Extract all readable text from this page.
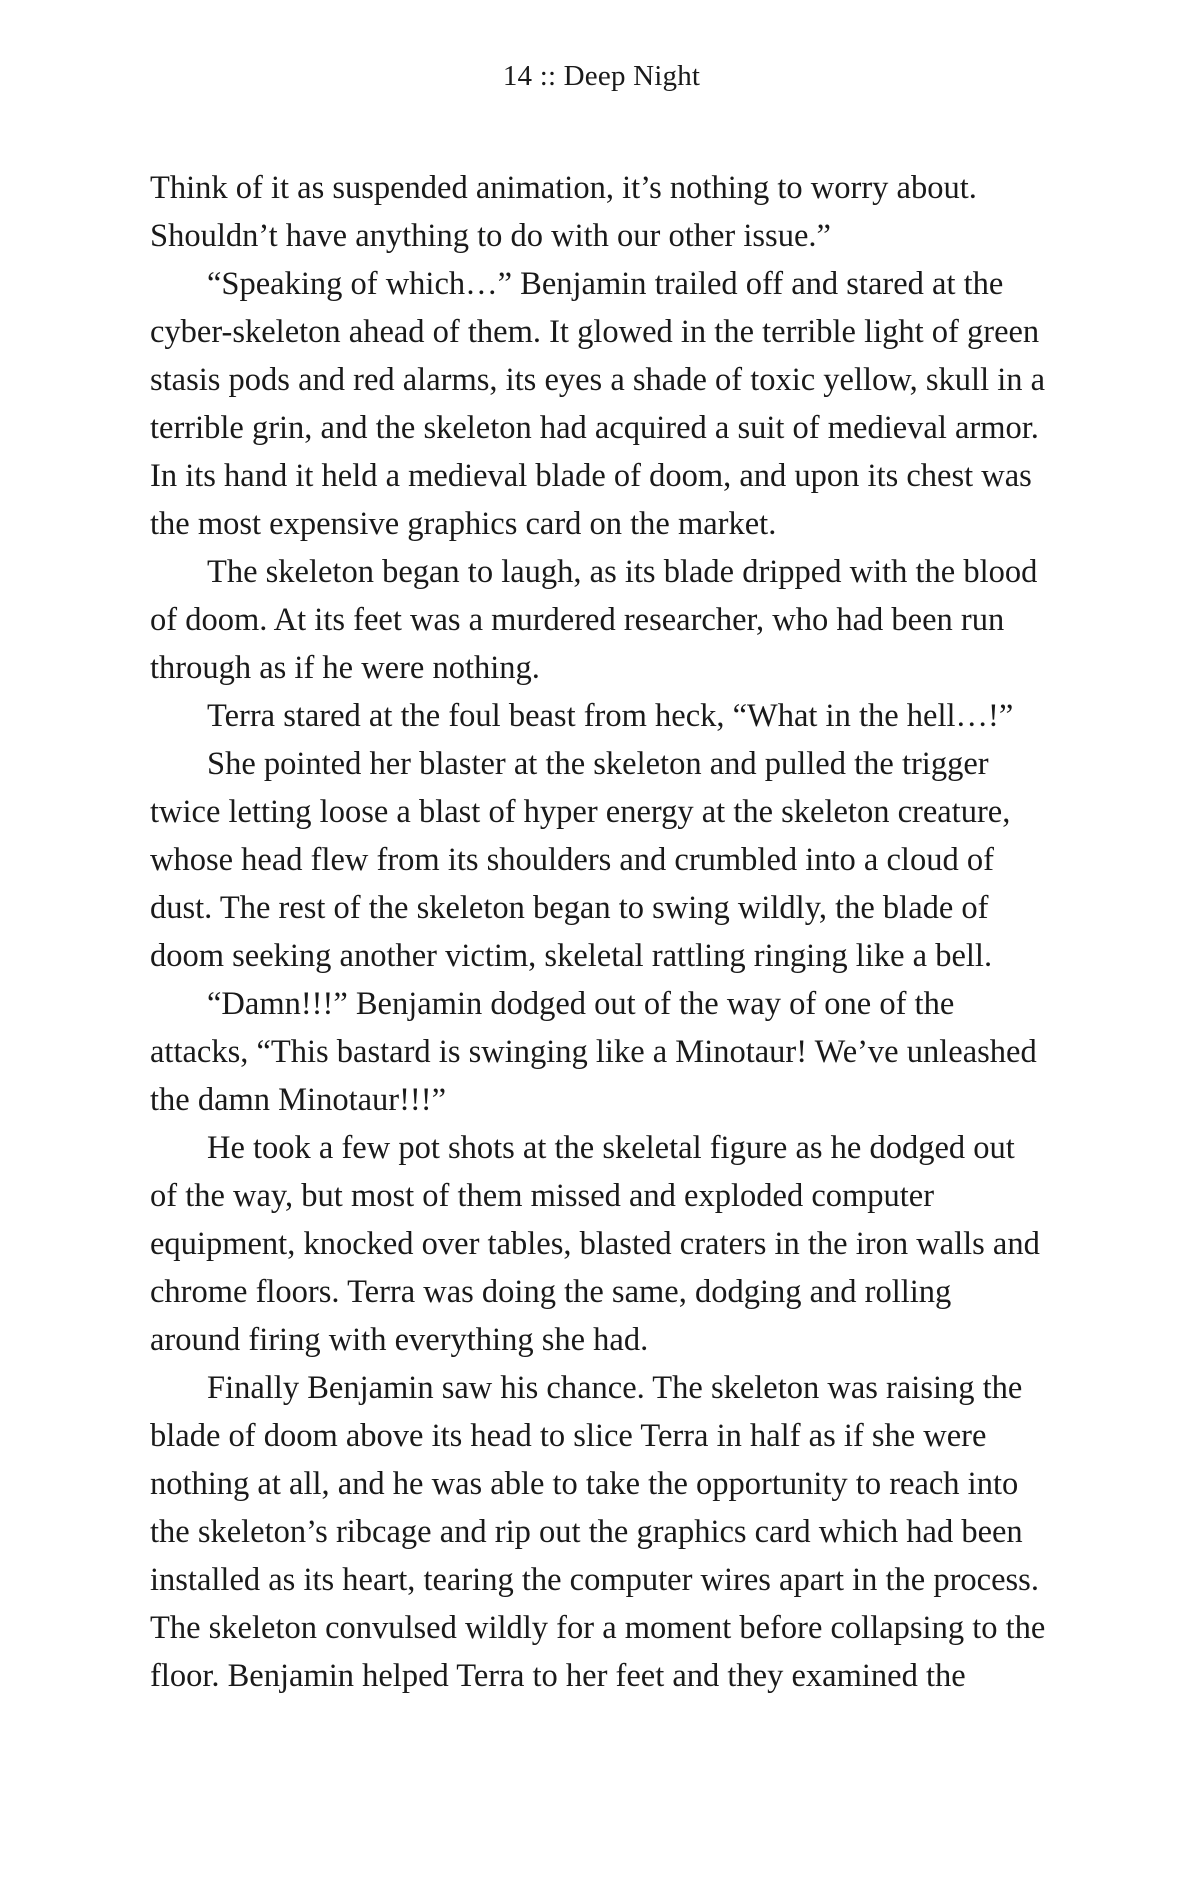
14 :: Deep Night
Think of it as suspended animation, it’s nothing to worry about.
Shouldn’t have anything to do with our other issue.”
“Speaking of which…” Benjamin trailed off and stared at the
cyber-skeleton ahead of them. It glowed in the terrible light of green
stasis pods and red alarms, its eyes a shade of toxic yellow, skull in a
terrible grin, and the skeleton had acquired a suit of medieval armor.
In its hand it held a medieval blade of doom, and upon its chest was
the most expensive graphics card on the market.
The skeleton began to laugh, as its blade dripped with the blood
of doom. At its feet was a murdered researcher, who had been run
through as if he were nothing.
Terra stared at the foul beast from heck, “What in the hell…!”
She pointed her blaster at the skeleton and pulled the trigger
twice letting loose a blast of hyper energy at the skeleton creature,
whose head flew from its shoulders and crumbled into a cloud of
dust. The rest of the skeleton began to swing wildly, the blade of
doom seeking another victim, skeletal rattling ringing like a bell.
“Damn!!!” Benjamin dodged out of the way of one of the
attacks, “This bastard is swinging like a Minotaur! We’ve unleashed
the damn Minotaur!!!”
He took a few pot shots at the skeletal figure as he dodged out
of the way, but most of them missed and exploded computer
equipment, knocked over tables, blasted craters in the iron walls and
chrome floors. Terra was doing the same, dodging and rolling
around firing with everything she had.
Finally Benjamin saw his chance. The skeleton was raising the
blade of doom above its head to slice Terra in half as if she were
nothing at all, and he was able to take the opportunity to reach into
the skeleton’s ribcage and rip out the graphics card which had been
installed as its heart, tearing the computer wires apart in the process.
The skeleton convulsed wildly for a moment before collapsing to the
floor. Benjamin helped Terra to her feet and they examined the
